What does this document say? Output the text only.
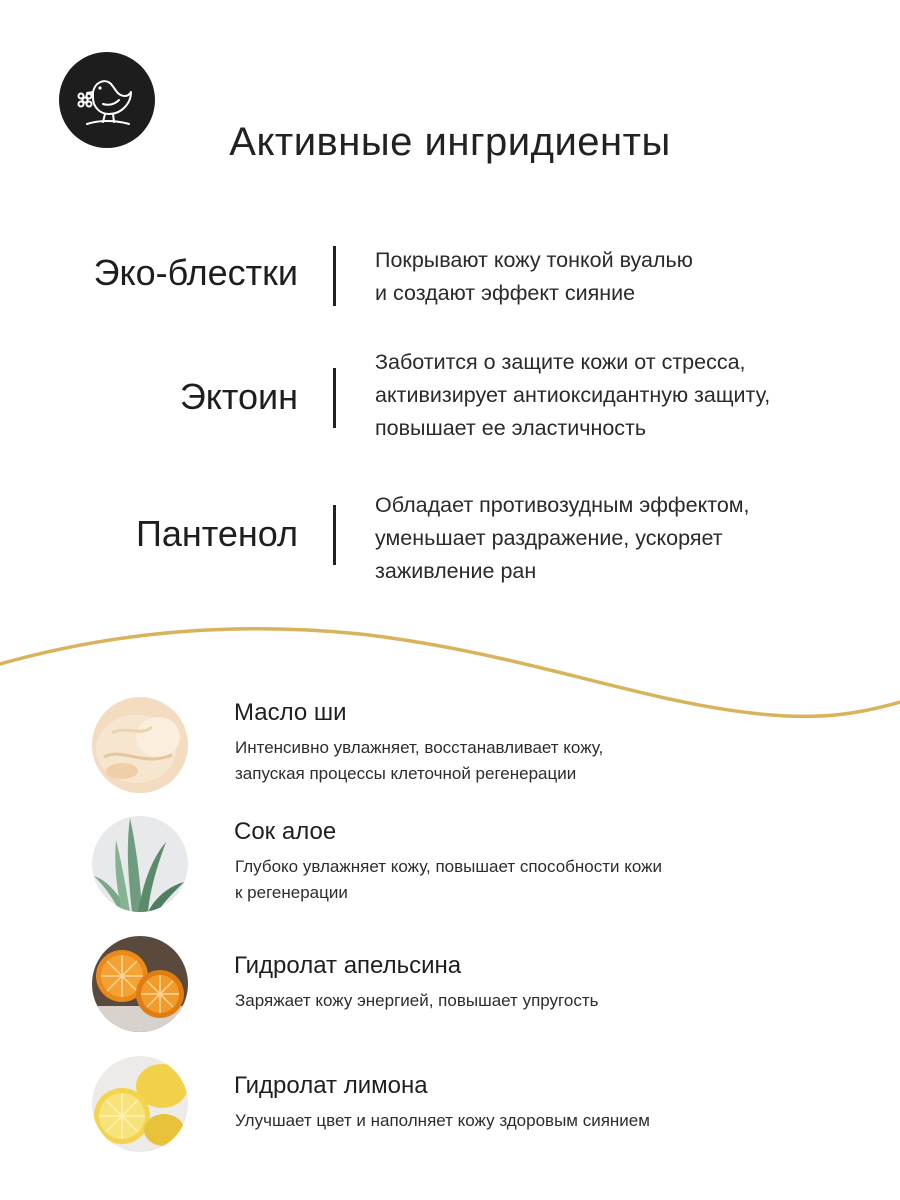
Активные ингридиенты
Эко-блестки	Покрывают кожу тонкой вуалью
и создают эффект сияние
Эктоин
Заботится о защите кожи от стресса,
активизирует антиоксидантную защиту,
повышает ее эластичность
Пантенол
Обладает противозудным эффектом,
уменьшает раздражение, ускоряет
заживление ран
Масло ши
Интенсивно увлажняет, восстанавливает кожу,
запуская процессы клеточной регенерации
Сок алое
Глубоко увлажняет кожу, повышает способности кожи
к регенерации
Гидролат апельсина
Заряжает кожу энергией, повышает упругость
Гидролат лимона
Улучшает цвет и наполняет кожу здоровым сиянием
